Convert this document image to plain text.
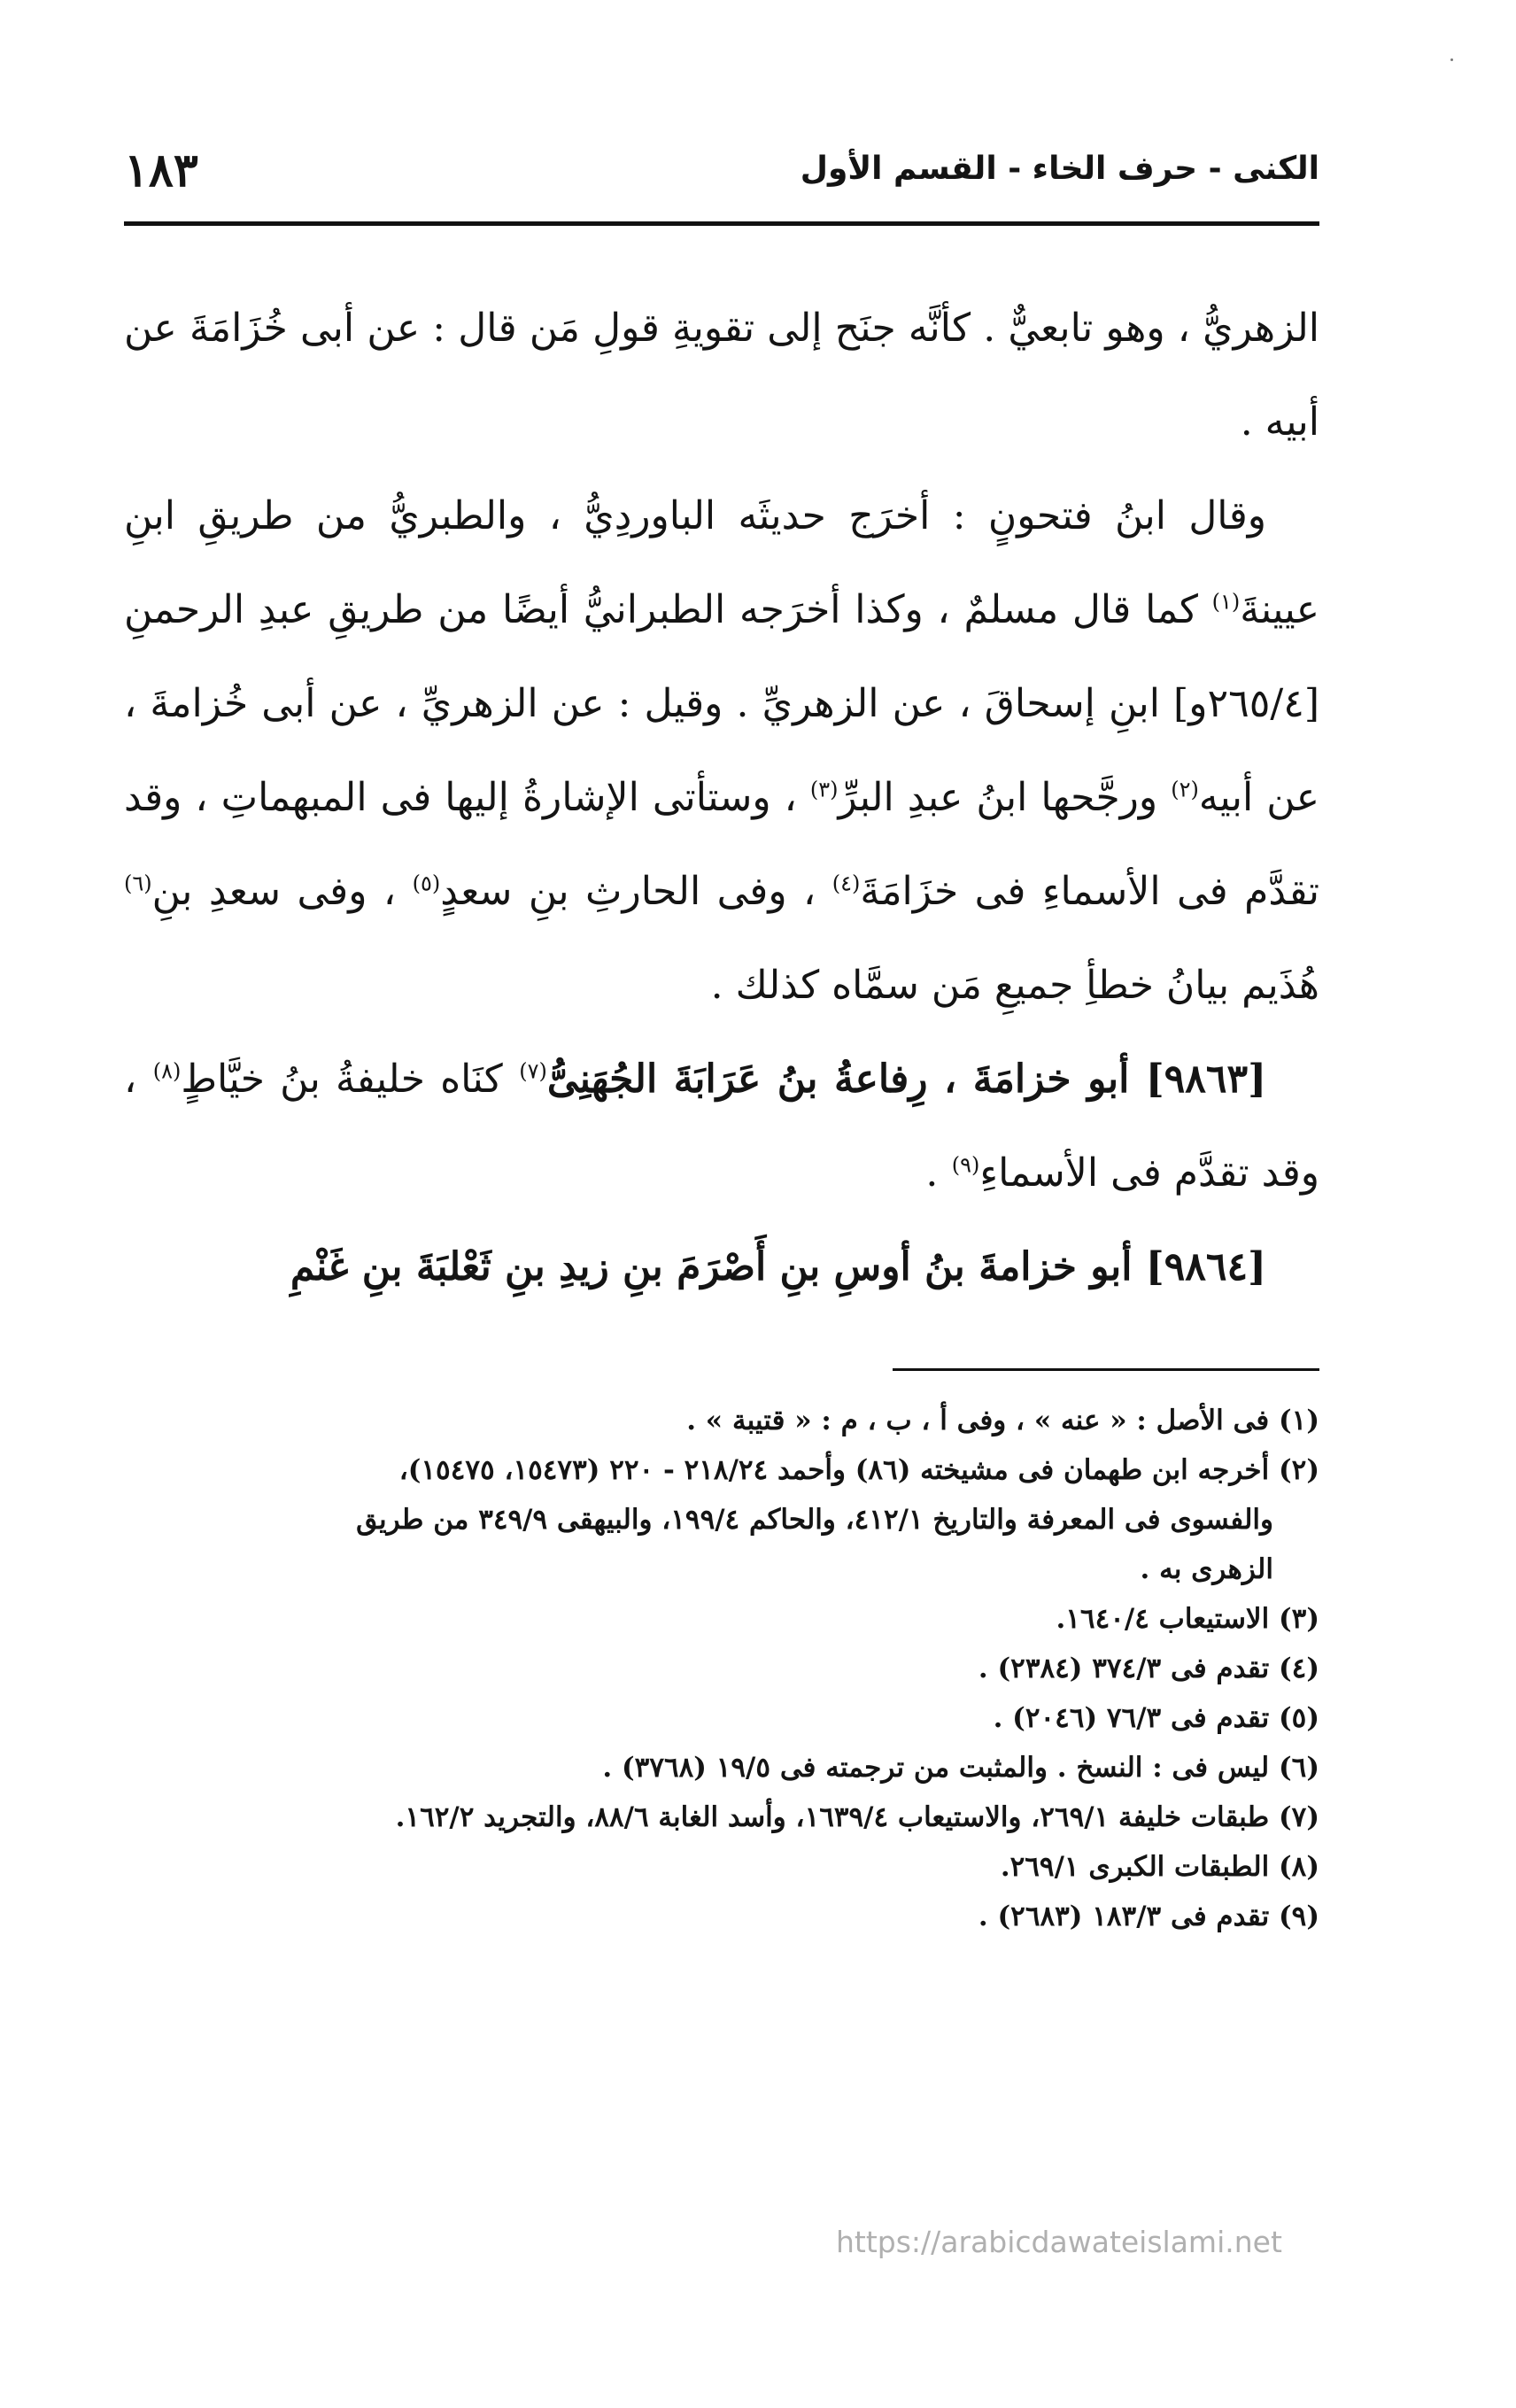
الكنى - حرف الخاء - القسم الأول
١٨٣

الزهريُّ ، وهو تابعيٌّ . كأنَّه جنَح إلى تقويةِ قولِ مَن قال : عن أبى خُزَامَةَ عن أبيه .

وقال ابنُ فتحونٍ : أخرَج حديثَه الباوردِيُّ ، والطبريُّ من طريقِ ابنِ عيينةَ$^{(١)}$ كما قال مسلمٌ ، وكذا أخرَجه الطبرانيُّ أيضًا من طريقِ عبدِ الرحمنِ [٢٦٥/٤و] ابنِ إسحاقَ ، عن الزهريِّ . وقيل : عن الزهريِّ ، عن أبى خُزامةَ ، عن أبيه$^{(٢)}$ ورجَّحها ابنُ عبدِ البرِّ$^{(٣)}$ ، وستأتى الإشارةُ إليها فى المبهماتِ ، وقد تقدَّم فى الأسماءِ فى خزَامَةَ$^{(٤)}$ ، وفى الحارثِ بنِ سعدٍ$^{(٥)}$ ، وفى سعدِ بنِ$^{(٦)}$ هُذَيم بيانُ خطأِ جميعِ مَن سمَّاه كذلك .

[٩٨٦٣] أبو خزامَةَ ، رِفاعةُ بنُ عَرَابَةَ الجُهَنِىُّ$^{(٧)}$ كنَاه خليفةُ بنُ خيَّاطٍ$^{(٨)}$ ، وقد تقدَّم فى الأسماءِ$^{(٩)}$ .

[٩٨٦٤] أبو خزامةَ بنُ أوسِ بنِ أَصْرَمَ بنِ زيدِ بنِ ثَعْلبَةَ بنِ غَنْمِ

(١) فى الأصل : « عنه » ، وفى أ ، ب ، م : « قتيبة » .

(٢) أخرجه ابن طهمان فى مشيخته (٨٦) وأحمد ٢١٨/٢٤ - ٢٢٠ (١٥٤٧٣، ١٥٤٧٥)،

والفسوى فى المعرفة والتاريخ ٤١٢/١، والحاكم ١٩٩/٤، والبيهقى ٣٤٩/٩ من طريق

الزهرى به .

(٣) الاستيعاب ١٦٤٠/٤.

(٤) تقدم فى ٣٧٤/٣ (٢٣٨٤) .

(٥) تقدم فى ٧٦/٣ (٢٠٤٦) .

(٦) ليس فى : النسخ . والمثبت من ترجمته فى ١٩/٥ (٣٧٦٨) .

(٧) طبقات خليفة ٢٦٩/١، والاستيعاب ١٦٣٩/٤، وأسد الغابة ٨٨/٦، والتجريد ١٦٢/٢.

(٨) الطبقات الكبرى ٢٦٩/١.

(٩) تقدم فى ١٨٣/٣ (٢٦٨٣) .

https://arabicdawateislami.net
